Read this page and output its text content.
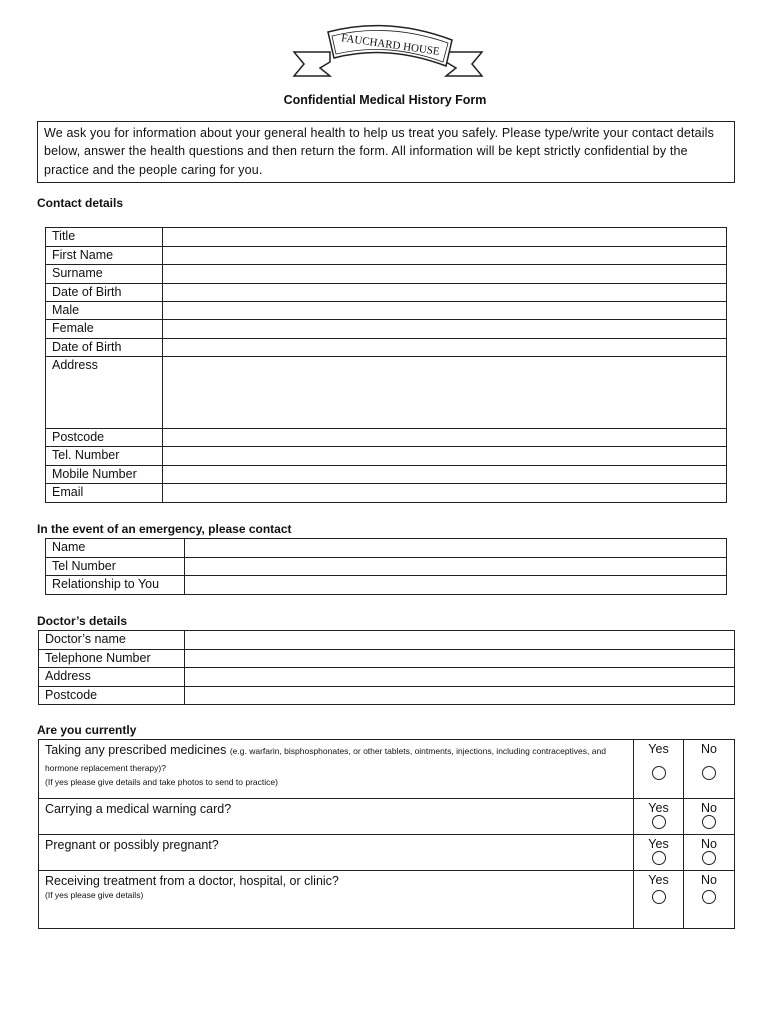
FAUCHARD HOUSE
Confidential Medical History Form
We ask you for information about your general health to help us treat you safely. Please type/write your contact details below, answer the health questions and then return the form. All information will be kept strictly confidential by the practice and the people caring for you.
Contact details
Title	
First Name	
Surname	
Date of Birth	
Male	
Female	
Date of Birth	
Address	
Postcode	
Tel. Number	
Mobile Number	
Email	
In the event of an emergency, please contact
Name	
Tel Number	
Relationship to You	
Doctor’s details
Doctor’s name	
Telephone Number	
Address	
Postcode	
Are you currently
Taking any prescribed medicines (e.g. warfarin, bisphosphonates, or other tablets, ointments, injections, including contraceptives, and hormone replacement therapy)?
(If yes please give details and take photos to send to practice)	Yes	No

Carrying a medical warning card?	Yes	No

Pregnant or possibly pregnant?	Yes	No

Receiving treatment from a doctor, hospital, or clinic?
(If yes please give details)	Yes	No
